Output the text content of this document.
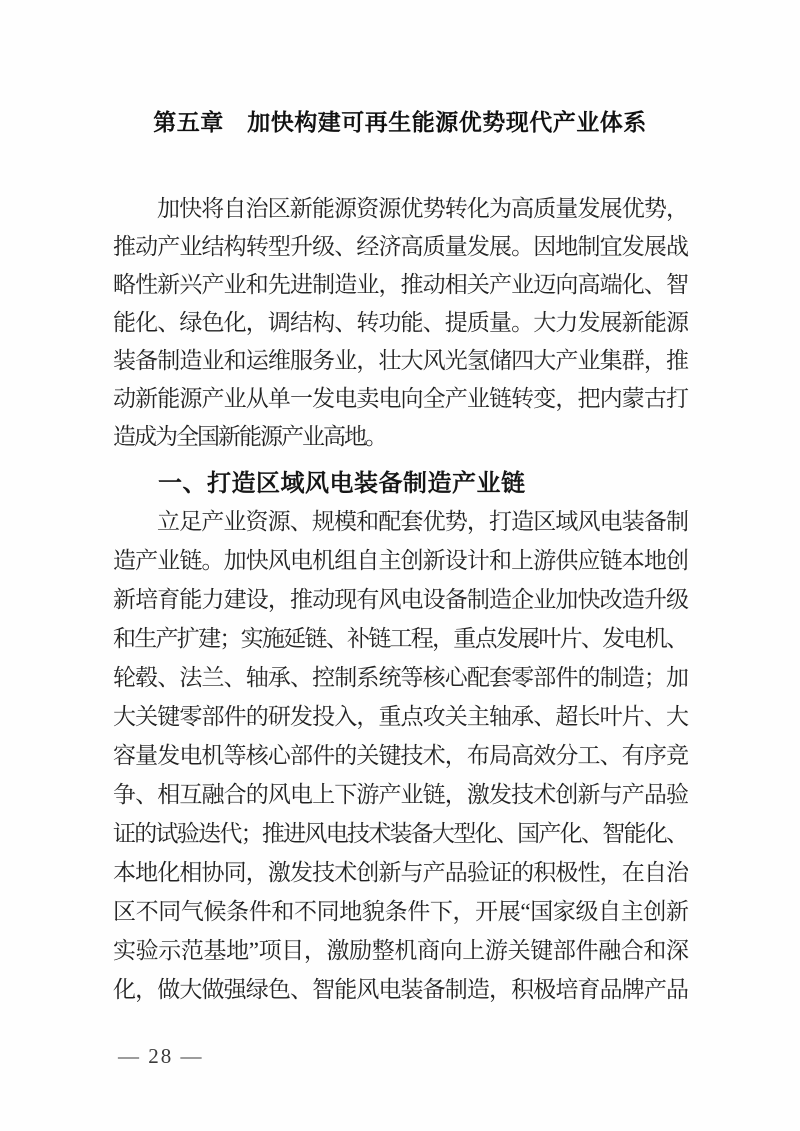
第五章　加快构建可再生能源优势现代产业体系
加快将自治区新能源资源优势转化为高质量发展优势，
推动产业结构转型升级、经济高质量发展。因地制宜发展战
略性新兴产业和先进制造业，推动相关产业迈向高端化、智
能化、绿色化，调结构、转功能、提质量。大力发展新能源
装备制造业和运维服务业，壮大风光氢储四大产业集群，推
动新能源产业从单一发电卖电向全产业链转变，把内蒙古打
造成为全国新能源产业高地。
一、打造区域风电装备制造产业链
立足产业资源、规模和配套优势，打造区域风电装备制
造产业链。加快风电机组自主创新设计和上游供应链本地创
新培育能力建设，推动现有风电设备制造企业加快改造升级
和生产扩建；实施延链、补链工程，重点发展叶片、发电机、
轮毂、法兰、轴承、控制系统等核心配套零部件的制造；加
大关键零部件的研发投入，重点攻关主轴承、超长叶片、大
容量发电机等核心部件的关键技术，布局高效分工、有序竞
争、相互融合的风电上下游产业链，激发技术创新与产品验
证的试验迭代；推进风电技术装备大型化、国产化、智能化、
本地化相协同，激发技术创新与产品验证的积极性，在自治
区不同气候条件和不同地貌条件下，开展“国家级自主创新
实验示范基地”项目，激励整机商向上游关键部件融合和深
化，做大做强绿色、智能风电装备制造，积极培育品牌产品
— 28 —
